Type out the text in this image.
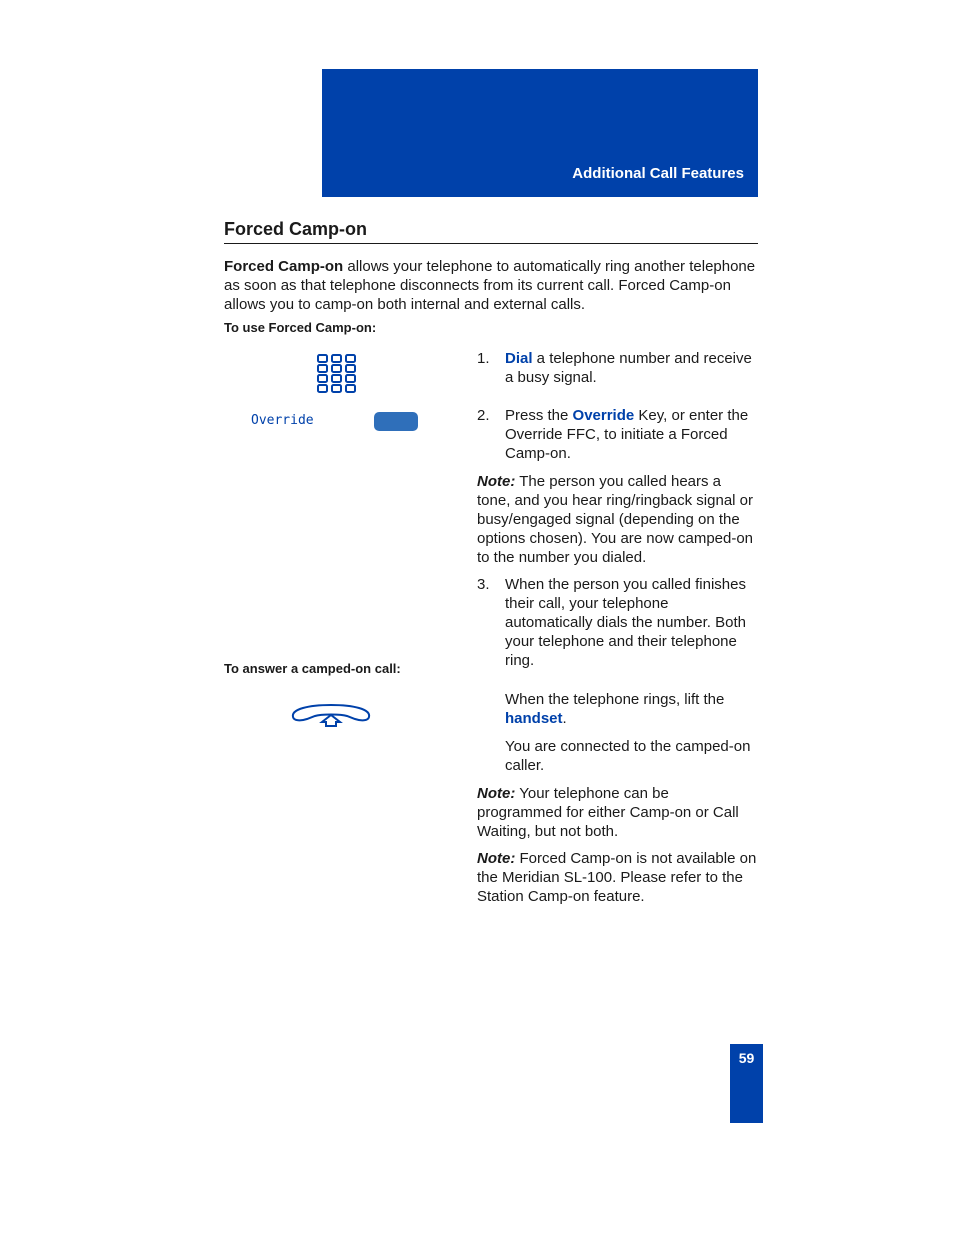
Additional Call Features
Forced Camp-on
Forced Camp-on allows your telephone to automatically ring another telephone as soon as that telephone disconnects from its current call. Forced Camp-on allows you to camp-on both internal and external calls.
To use Forced Camp-on:
Override
1. Dial a telephone number and receive a busy signal.
2. Press the Override Key, or enter the Override FFC, to initiate a Forced Camp-on.
Note: The person you called hears a tone, and you hear ring/ringback signal or busy/engaged signal (depending on the options chosen). You are now camped-on to the number you dialed.
3. When the person you called finishes their call, your telephone automatically dials the number. Both your telephone and their telephone ring.
To answer a camped-on call:
When the telephone rings, lift the handset.
You are connected to the camped-on caller.
Note: Your telephone can be programmed for either Camp-on or Call Waiting, but not both.
Note: Forced Camp-on is not available on the Meridian SL-100. Please refer to the Station Camp-on feature.
59
